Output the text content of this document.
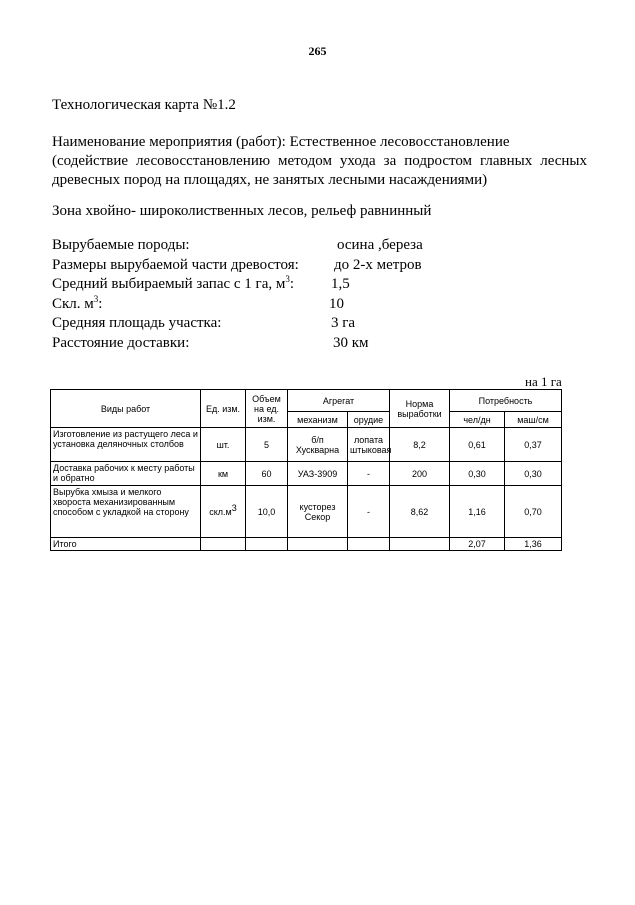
265
Технологическая карта №1.2
Наименование мероприятия (работ): Естественное лесовосстановление
(содействие лесовосстановлению методом ухода за подростом главных лесных
древесных пород на площадях, не занятых лесными насаждениями)
Зона хвойно- широколиственных лесов, рельеф равнинный
Вырубаемые породы:	осина ,береза
Размеры вырубаемой части древостоя: до 2-х метров
Средний выбираемый запас с 1 га, $м^3$: 1,5
Скл. $м^3$:	10
Средняя площадь участка:	3 га
Расстояние доставки:	30 км
на 1 га
Виды работ	Ед. изм.	Объем на ед. изм.	Агрегат		Норма выработки	Потребность	
			механизм	орудие		чел/дн	маш/см
Изготовление из растущего леса и установка деляночных столбов	шт.	5	б/п Хускварна	лопата штыковая	8,2	0,61	0,37
Доставка рабочих к месту работы и обратно	км	60	УАЗ-3909	-	200	0,30	0,30
Вырубка хмыза и мелкого хвороста механизированным способом с укладкой на сторону	$скл.м^3$	10,0	кусторез Секор	-	8,62	1,16	0,70
Итого						2,07	1,36
